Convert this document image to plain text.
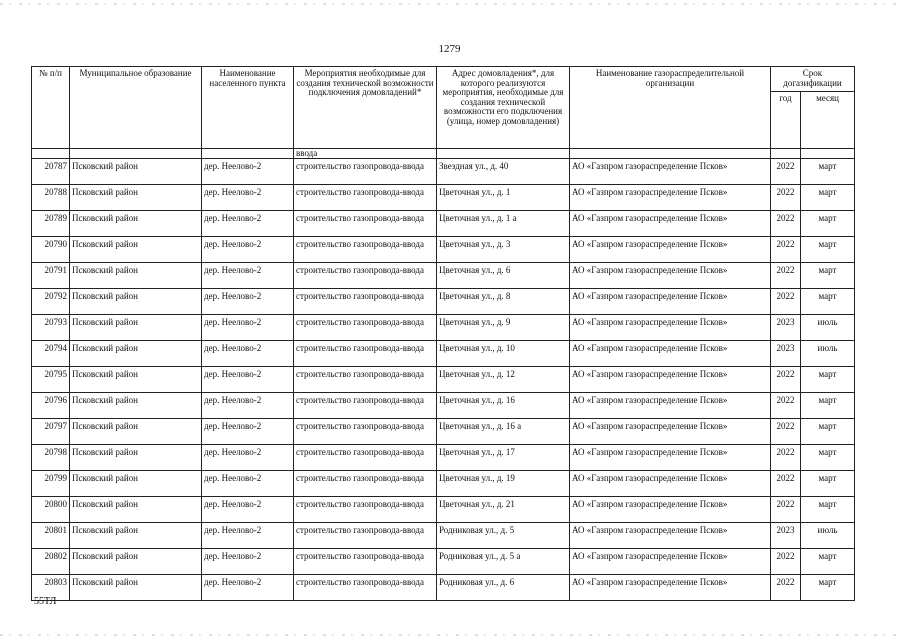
1279
№ п/п	Муниципальное образование	Наименование населенного пункта	Мероприятия необходимые для создания технической возможности подключения домовладений*	Адрес домовладения*, для которого реализуются мероприятия, необходимые для создания технической возможности его подключения (улица, номер домовладения)	Наименование газораспределительной организации	Срок догазификации	
						год	месяц
			ввода				
20787	Псковский район	дер. Неелово-2	строительство газопровода-ввода	Звездная ул., д. 40	АО «Газпром газораспределение Псков»	2022	март
20788	Псковский район	дер. Неелово-2	строительство газопровода-ввода	Цветочная ул., д. 1	АО «Газпром газораспределение Псков»	2022	март
20789	Псковский район	дер. Неелово-2	строительство газопровода-ввода	Цветочная ул., д. 1 а	АО «Газпром газораспределение Псков»	2022	март
20790	Псковский район	дер. Неелово-2	строительство газопровода-ввода	Цветочная ул., д. 3	АО «Газпром газораспределение Псков»	2022	март
20791	Псковский район	дер. Неелово-2	строительство газопровода-ввода	Цветочная ул., д. 6	АО «Газпром газораспределение Псков»	2022	март
20792	Псковский район	дер. Неелово-2	строительство газопровода-ввода	Цветочная ул., д. 8	АО «Газпром газораспределение Псков»	2022	март
20793	Псковский район	дер. Неелово-2	строительство газопровода-ввода	Цветочная ул., д. 9	АО «Газпром газораспределение Псков»	2023	июль
20794	Псковский район	дер. Неелово-2	строительство газопровода-ввода	Цветочная ул., д. 10	АО «Газпром газораспределение Псков»	2023	июль
20795	Псковский район	дер. Неелово-2	строительство газопровода-ввода	Цветочная ул., д. 12	АО «Газпром газораспределение Псков»	2022	март
20796	Псковский район	дер. Неелово-2	строительство газопровода-ввода	Цветочная ул., д. 16	АО «Газпром газораспределение Псков»	2022	март
20797	Псковский район	дер. Неелово-2	строительство газопровода-ввода	Цветочная ул., д. 16 а	АО «Газпром газораспределение Псков»	2022	март
20798	Псковский район	дер. Неелово-2	строительство газопровода-ввода	Цветочная ул., д. 17	АО «Газпром газораспределение Псков»	2022	март
20799	Псковский район	дер. Неелово-2	строительство газопровода-ввода	Цветочная ул., д. 19	АО «Газпром газораспределение Псков»	2022	март
20800	Псковский район	дер. Неелово-2	строительство газопровода-ввода	Цветочная ул., д. 21	АО «Газпром газораспределение Псков»	2022	март
20801	Псковский район	дер. Неелово-2	строительство газопровода-ввода	Родниковая ул., д. 5	АО «Газпром газораспределение Псков»	2023	июль
20802	Псковский район	дер. Неелово-2	строительство газопровода-ввода	Родниковая ул., д. 5 а	АО «Газпром газораспределение Псков»	2022	март
20803	Псковский район	дер. Неелово-2	строительство газопровода-ввода	Родниковая ул., д. 6	АО «Газпром газораспределение Псков»	2022	март
55ТЛ
